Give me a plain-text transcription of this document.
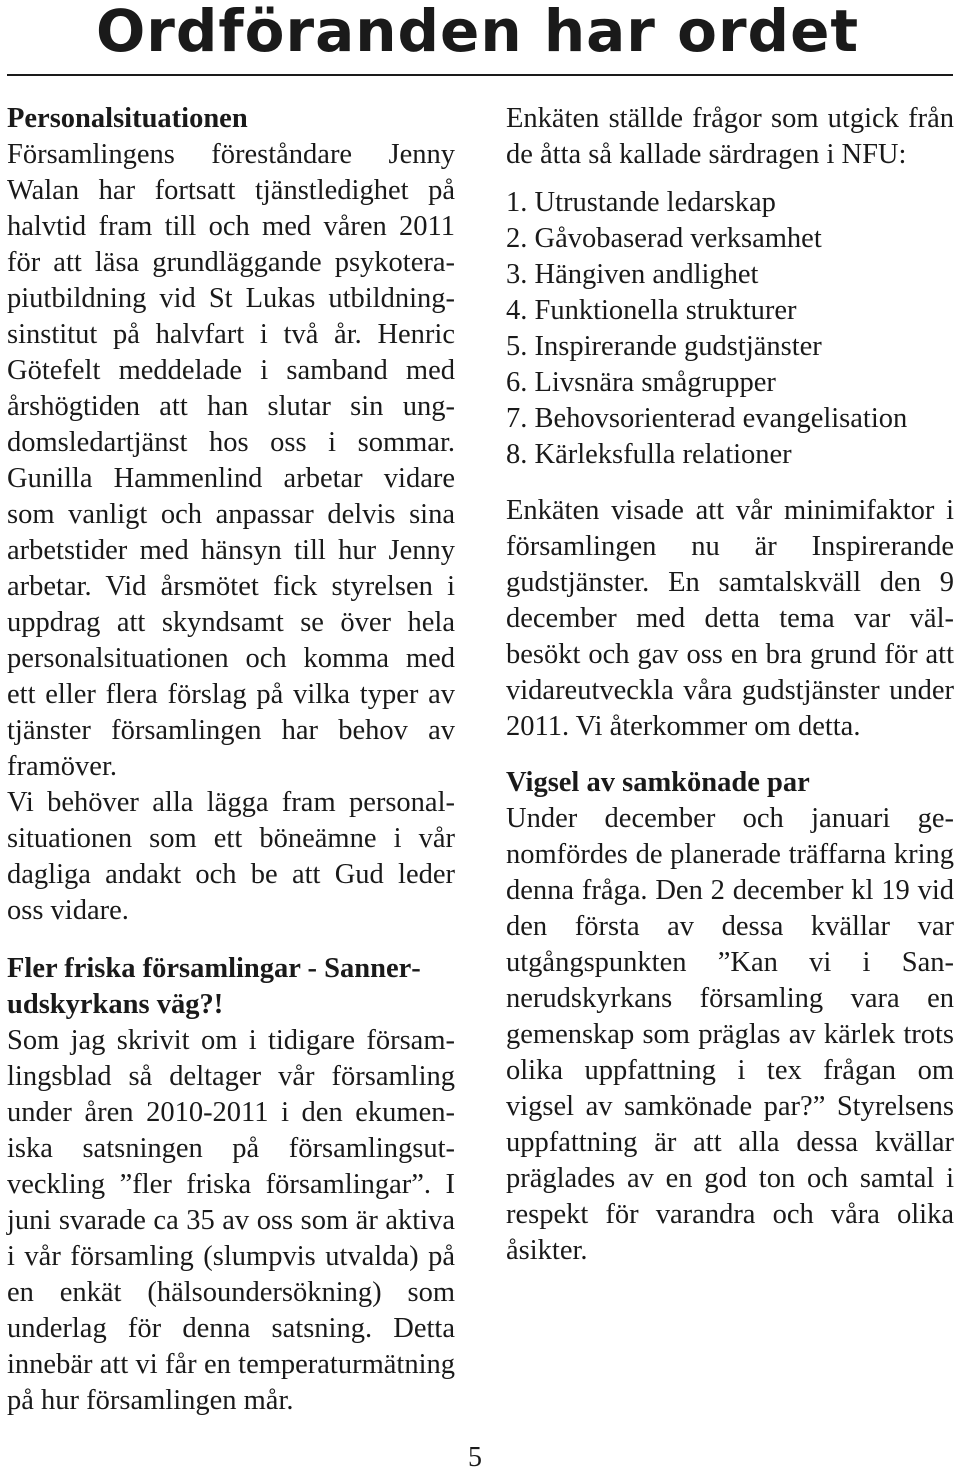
Ordföranden har ordet
Personalsituationen

Församlingens föreståndare Jenny Walan har fortsatt tjänstledighet på halvtid fram till och med våren 2011 för att läsa grundläggande psykoterapiutbildning vid St Lukas utbildningsinstitut på halvfart i två år. Henric Götefelt meddelade i samband med årshögtiden att han slutar sin ungdomsledartjänst hos oss i sommar. Gunilla Hammenlind arbetar vidare som vanligt och anpassar delvis sina arbetstider med hänsyn till hur Jenny arbetar. Vid årsmötet fick styrelsen i uppdrag att skyndsamt se över hela personalsituationen och komma med ett eller flera förslag på vilka typer av tjänster församlingen har behov av framöver.

Vi behöver alla lägga fram personalsituationen som ett böneämne i vår dagliga andakt och be att Gud leder oss vidare.

Fler friska församlingar - Sannerudskyrkans väg?!

Som jag skrivit om i tidigare församlingsblad så deltager vår församling under åren 2010-2011 i den ekumeniska satsningen på församlingsutveckling ”fler friska församlingar”. I juni svarade ca 35 av oss som är aktiva i vår församling (slumpvis utvalda) på en enkät (hälsoundersökning) som underlag för denna satsning. Detta innebär att vi får en temperaturmätning på hur församlingen mår.

Enkäten ställde frågor som utgick från de åtta så kallade särdragen i NFU:

1. Utrustande ledarskap
2. Gåvobaserad verksamhet
3. Hängiven andlighet
4. Funktionella strukturer
5. Inspirerande gudstjänster
6. Livsnära smågrupper
7. Behovsorienterad evangelisation
8. Kärleksfulla relationer

Enkäten visade att vår minimifaktor i församlingen nu är Inspirerande gudstjänster. En samtalskväll den 9 december med detta tema var välbesökt och gav oss en bra grund för att vidareutveckla våra gudstjänster under 2011. Vi återkommer om detta.

Vigsel av samkönade par

Under december och januari genomfördes de planerade träffarna kring denna fråga. Den 2 december kl 19 vid den första av dessa kvällar var utgångspunkten ”Kan vi i Sannerudskyrkans församling vara en gemenskap som präglas av kärlek trots olika uppfattning i tex frågan om vigsel av samkönade par?” Styrelsens uppfattning är att alla dessa kvällar präglades av en god ton och samtal i respekt för varandra och våra olika åsikter.

5
